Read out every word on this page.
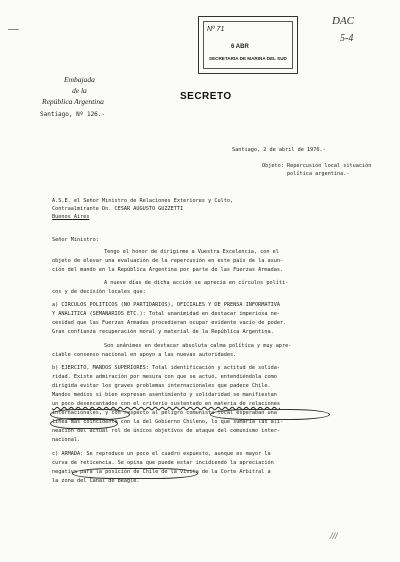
—	Nº 71
6 ABR
SECRETARIA DE MARINA DEL SUD
DAC
5-4
Embajada
de la
República Argentina	SECRETO
Santiago, Nº 126.-
Santiago, 2 de abril de 1976.-
Objeto: Repercusión local situación
política argentina.-
A.S.E. el Señor Ministro de Relaciones Exteriores y Culto,
Contraalmirante Dn. CESAR AUGUSTO GUZZETTI
Buenos Aires
Señor Ministro:
Tengo el honor de dirigirme a Vuestra Excelencia, con el
objeto de elevar una evaluación de la repercusión en este país de la asun-
ción del mando en la República Argentina por parte de las Fuerzas Armadas.
A nueve días de dicha acción se aprecia en círculos políti-
cos y de decisión locales que:
a) CIRCULOS POLITICOS (NO PARTIDARIOS), OFICIALES Y DE PRENSA INFORMATIVA
Y ANALITICA (SEMANARIOS ETC.): Total unanimidad en destacar imperiosa ne-
cesidad que las Fuerzas Armadas procedieran ocupar evidente vacío de poder.
Gran confianza recuperación moral y material de la República Argentina.
Son unánimes en destacar absoluta calma política y muy apre-
ciable consenso nacional en apoyo a las nuevas autoridades.
b) EJERCITO, MANDOS SUPERIORES: Total identificación y actitud de solida-
ridad. Existe admiración por mesura con que se actuó, entendiéndola como
dirigida evitar los graves problemas internacionales que padece Chile.
Mandos medios si bien expresan asentimiento y solidaridad se manifiestan
un poco desencantados con el criterio sustentado en materia de relaciones
internacionales, y con respecto al peligro comunista local esperaban una
línea más coincidente con la del Gobierno Chileno, lo que sumaría las ali-
neación del actual rol de únicos objetivos de ataque del comunismo inter-
nacional.
c) ARMADA: Se reproduce un poco el cuadro expuesto, aunque es mayor la
curva de reticencia. Se opina que puede estar incidiendo la apreciación
negativa para la posición de Chile de la visita de la Corte Arbitral a
la zona del Canal de Beagle.
///
